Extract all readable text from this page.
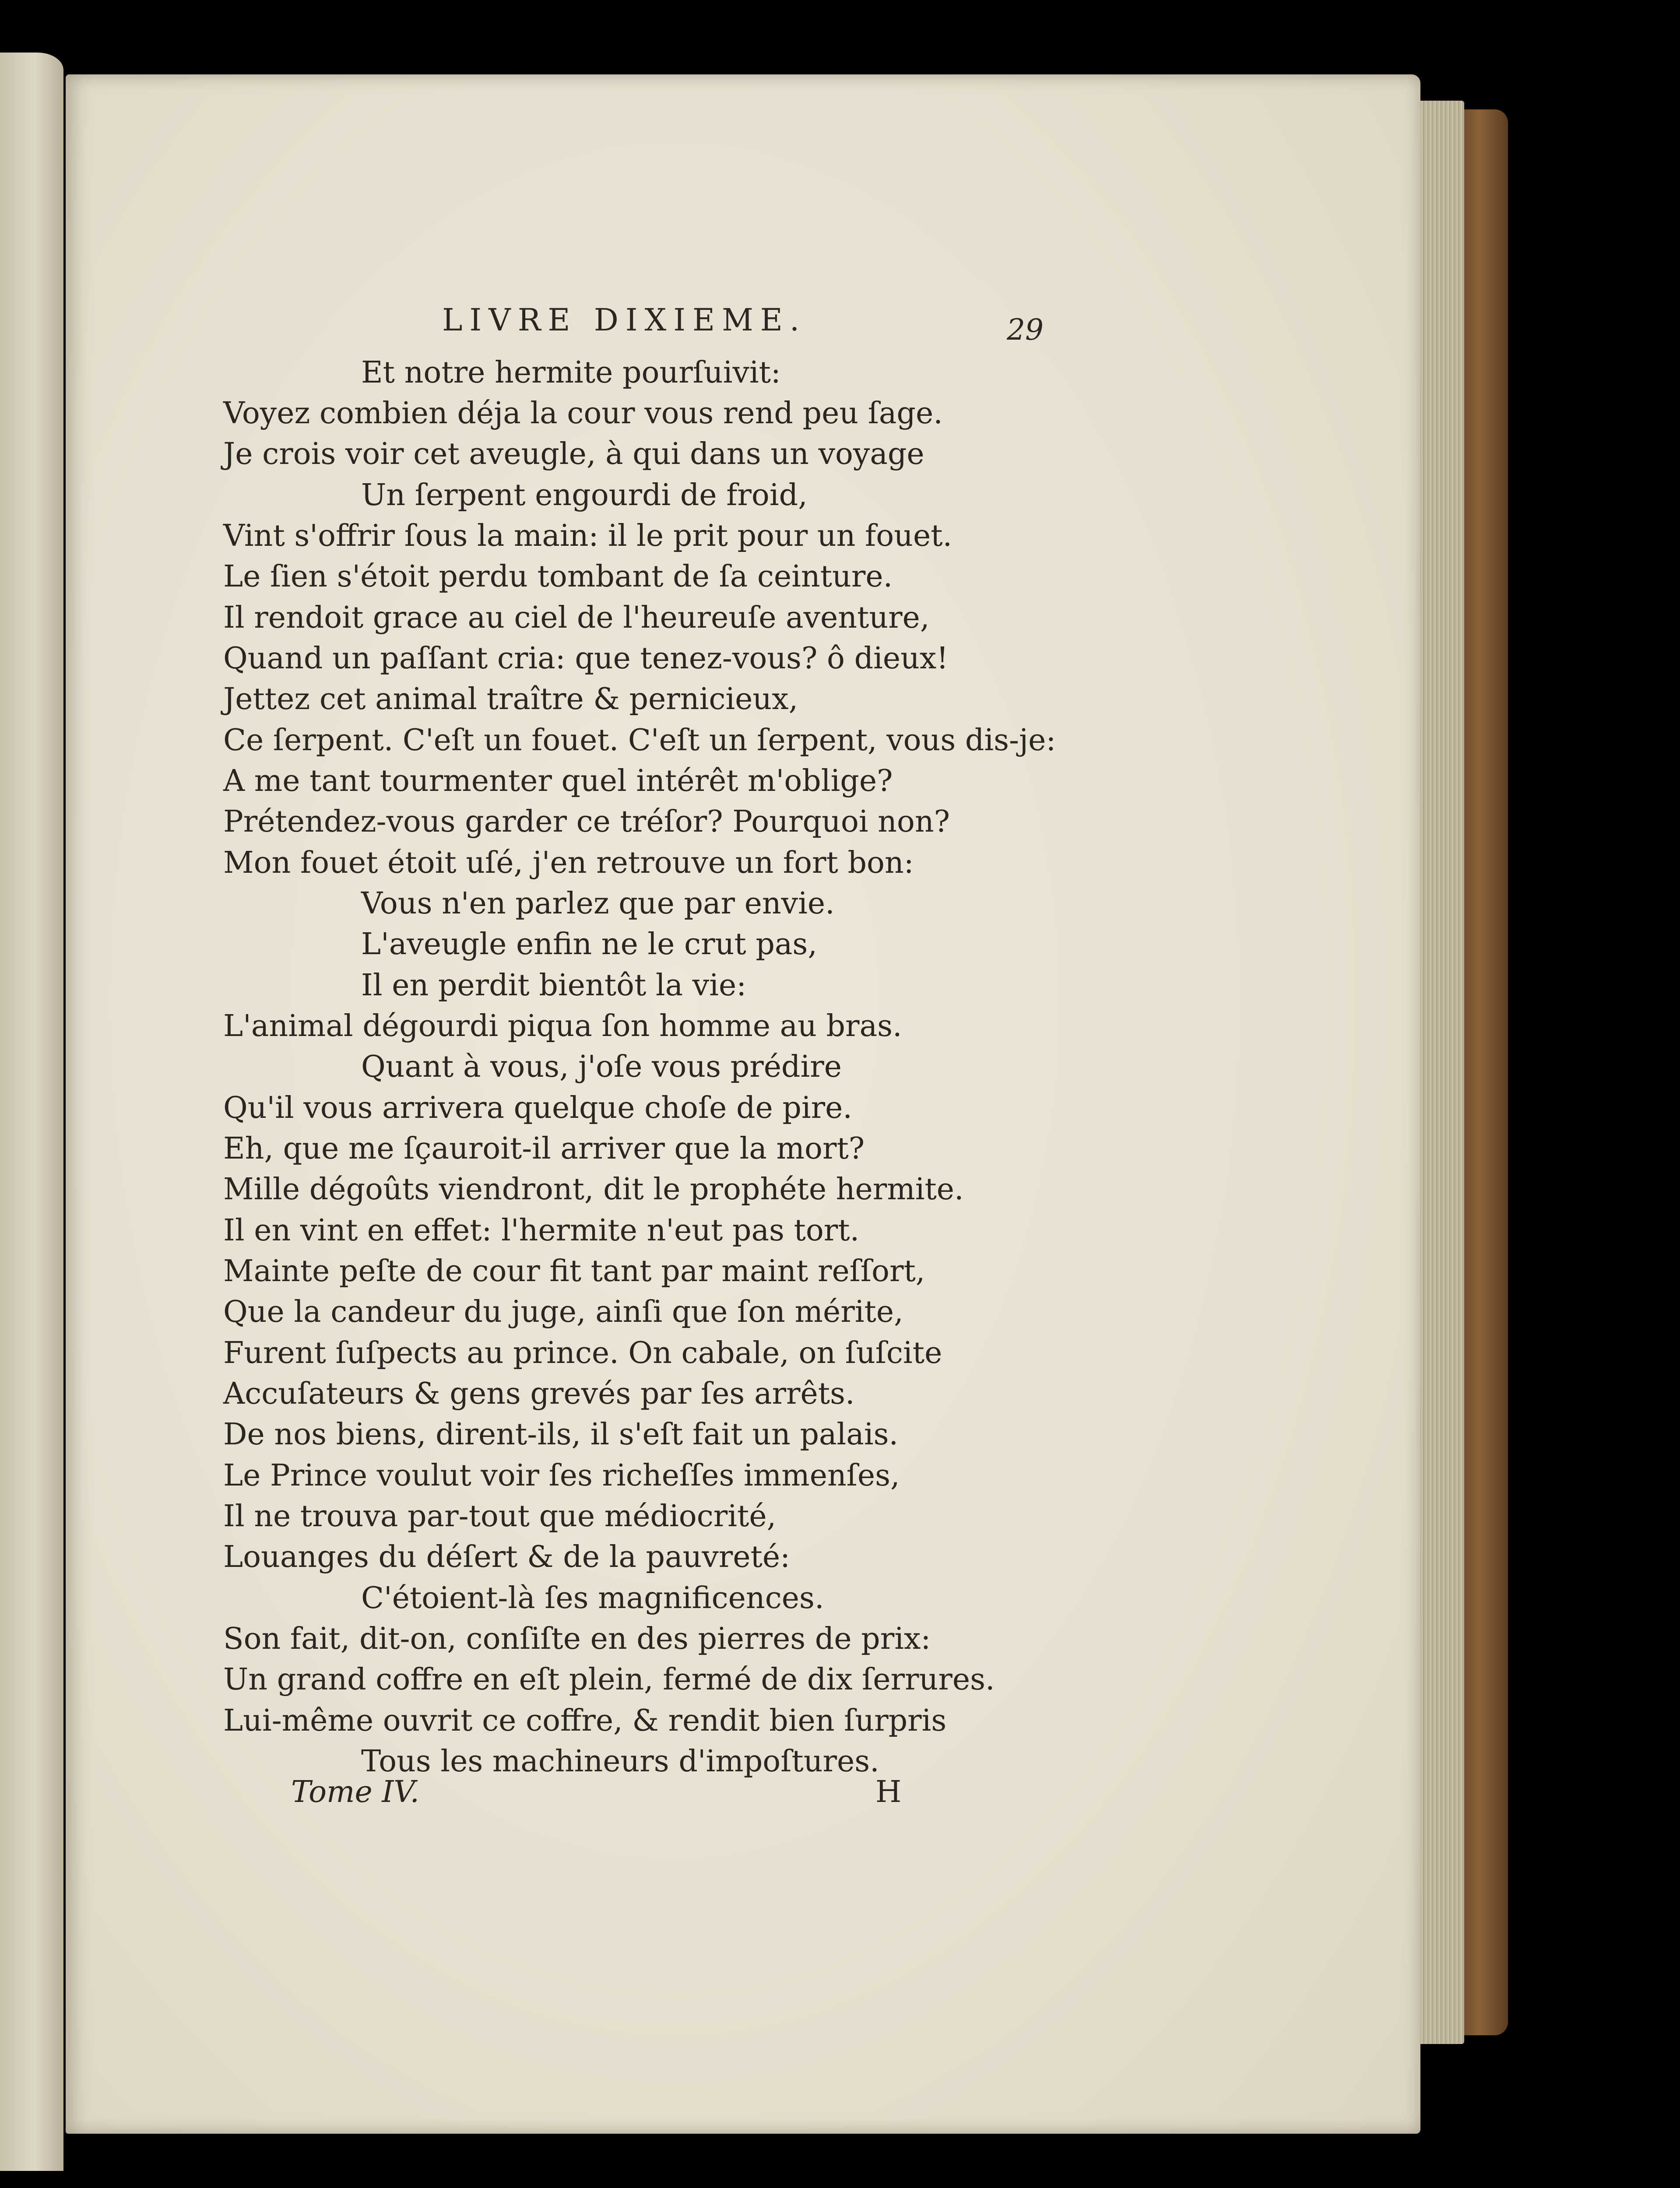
LIVRE DIXIEME.	29
Et notre hermite pourſuivit:
Voyez combien déja la cour vous rend peu ſage.
Je crois voir cet aveugle, à qui dans un voyage
Un ſerpent engourdi de froid,
Vint s'offrir ſous la main: il le prit pour un fouet.
Le ſien s'étoit perdu tombant de ſa ceinture.
Il rendoit grace au ciel de l'heureuſe aventure,
Quand un paſſant cria: que tenez-vous? ô dieux!
Jettez cet animal traître & pernicieux,
Ce ſerpent. C'eſt un fouet. C'eſt un ſerpent, vous dis-je:
A me tant tourmenter quel intérêt m'oblige?
Prétendez-vous garder ce tréſor? Pourquoi non?
Mon fouet étoit uſé, j'en retrouve un fort bon:
Vous n'en parlez que par envie.
L'aveugle enfin ne le crut pas,
Il en perdit bientôt la vie:
L'animal dégourdi piqua ſon homme au bras.
Quant à vous, j'oſe vous prédire
Qu'il vous arrivera quelque choſe de pire.
Eh, que me ſçauroit-il arriver que la mort?
Mille dégoûts viendront, dit le prophéte hermite.
Il en vint en effet: l'hermite n'eut pas tort.
Mainte peſte de cour fit tant par maint reſſort,
Que la candeur du juge, ainſi que ſon mérite,
Furent ſuſpects au prince. On cabale, on ſuſcite
Accuſateurs & gens grevés par ſes arrêts.
De nos biens, dirent-ils, il s'eſt fait un palais.
Le Prince voulut voir ſes richeſſes immenſes,
Il ne trouva par-tout que médiocrité,
Louanges du déſert & de la pauvreté:
C'étoient-là ſes magnificences.
Son fait, dit-on, conſiſte en des pierres de prix:
Un grand coffre en eſt plein, fermé de dix ſerrures.
Lui-même ouvrit ce coffre, & rendit bien ſurpris
Tous les machineurs d'impoſtures.
Tome IV.	H
